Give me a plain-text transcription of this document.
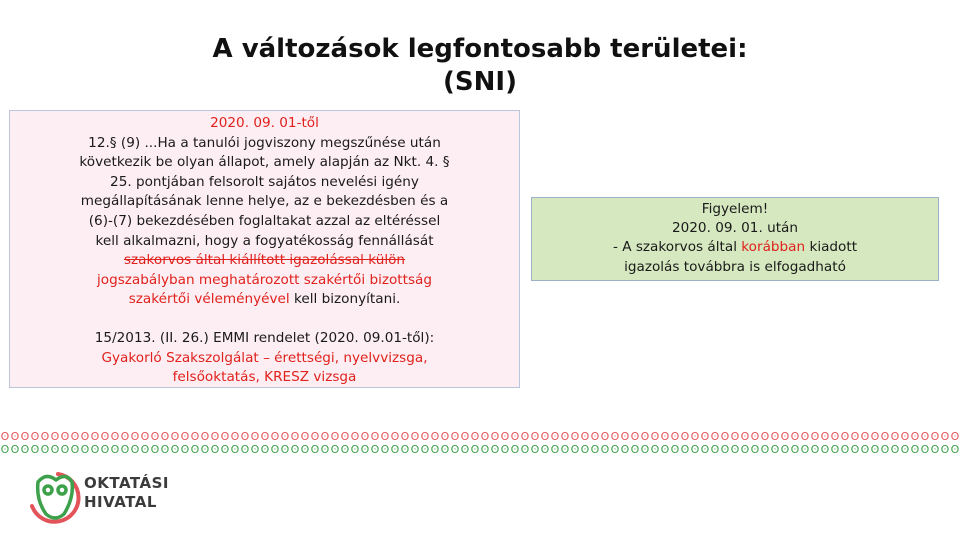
A változások legfontosabb területei:
(SNI)

2020. 09. 01-től

12.§ (9) ...Ha a tanulói jogviszony megszűnése után

következik be olyan állapot, amely alapján az Nkt. 4. §

25. pontjában felsorolt sajátos nevelési igény

megállapításának lenne helye, az e bekezdésben és a

(6)-(7) bekezdésében foglaltakat azzal az eltéréssel

kell alkalmazni, hogy a fogyatékosság fennállását

szakorvos által kiállított igazolással külön

jogszabályban meghatározott szakértői bizottság

szakértői véleményével kell bizonyítani.

15/2013. (II. 26.) EMMI rendelet (2020. 09.01-től):

Gyakorló Szakszolgálat – érettségi, nyelvvizsga,

felsőoktatás, KRESZ vizsga

Figyelem!

2020. 09. 01. után

- A szakorvos által korábban kiadott

igazolás továbbra is elfogadható

ʘ ʘ ʘ ʘ ʘ ʘ ʘ ʘ ʘ ʘ ʘ ʘ ʘ ʘ ʘ ʘ ʘ ʘ ʘ ʘ ʘ ʘ ʘ ʘ ʘ ʘ ʘ ʘ ʘ ʘ ʘ ʘ ʘ ʘ ʘ ʘ ʘ ʘ ʘ ʘ ʘ ʘ ʘ ʘ ʘ ʘ ʘ ʘ ʘ ʘ ʘ ʘ ʘ ʘ ʘ ʘ ʘ ʘ ʘ ʘ ʘ ʘ ʘ ʘ ʘ ʘ ʘ ʘ ʘ ʘ ʘ ʘ ʘ ʘ ʘ ʘ ʘ ʘ ʘ ʘ ʘ ʘ ʘ ʘ ʘ ʘ ʘ ʘ ʘ ʘ ʘ ʘ ʘ ʘ ʘ ʘ
ʘ ʘ ʘ ʘ ʘ ʘ ʘ ʘ ʘ ʘ ʘ ʘ ʘ ʘ ʘ ʘ ʘ ʘ ʘ ʘ ʘ ʘ ʘ ʘ ʘ ʘ ʘ ʘ ʘ ʘ ʘ ʘ ʘ ʘ ʘ ʘ ʘ ʘ ʘ ʘ ʘ ʘ ʘ ʘ ʘ ʘ ʘ ʘ ʘ ʘ ʘ ʘ ʘ ʘ ʘ ʘ ʘ ʘ ʘ ʘ ʘ ʘ ʘ ʘ ʘ ʘ ʘ ʘ ʘ ʘ ʘ ʘ ʘ ʘ ʘ ʘ ʘ ʘ ʘ ʘ ʘ ʘ ʘ ʘ ʘ ʘ ʘ ʘ ʘ ʘ ʘ ʘ ʘ ʘ ʘ ʘ
OKTATÁSI
HIVATAL
